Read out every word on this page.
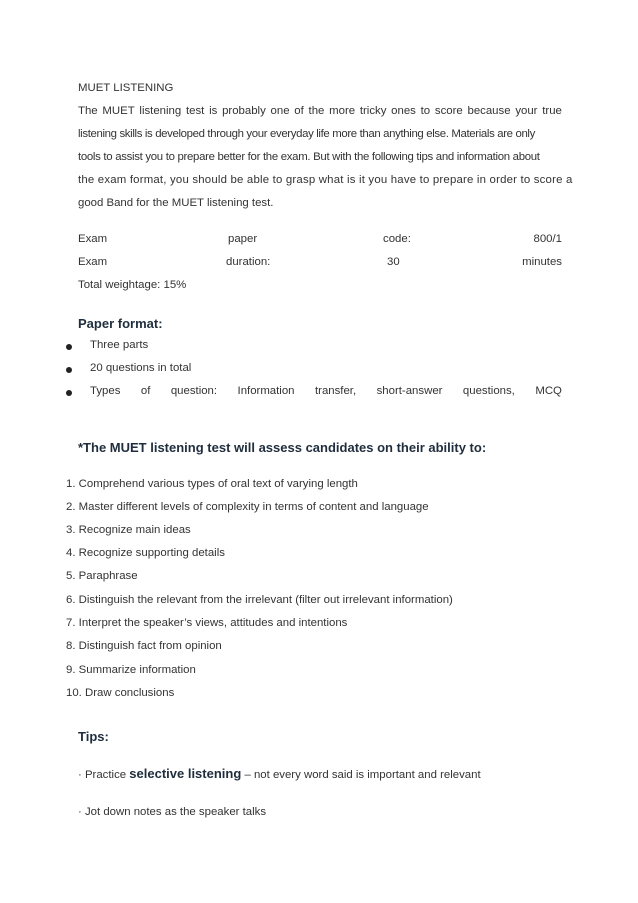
MUET LISTENING
The MUET listening test is probably one of the more tricky ones to score because your true
listening skills is developed through your everyday life more than anything else. Materials are only
tools to assist you to prepare better for the exam. But with the following tips and information about
the exam format, you should be able to grasp what is it you have to prepare in order to score a
good Band for the MUET listening test.
Exam	paper	code:	800/1
Exam	duration:	30	minutes
Total weightage: 15%
Paper format:
Three parts
20 questions in total
Types of question: Information transfer, short-answer questions, MCQ
*The MUET listening test will assess candidates on their ability to:
1. Comprehend various types of oral text of varying length
2. Master different levels of complexity in terms of content and language
3. Recognize main ideas
4. Recognize supporting details
5. Paraphrase
6. Distinguish the relevant from the irrelevant (filter out irrelevant information)
7. Interpret the speaker’s views, attitudes and intentions
8. Distinguish fact from opinion
9. Summarize information
10. Draw conclusions
Tips:
· Practice selective listening – not every word said is important and relevant
· Jot down notes as the speaker talks
